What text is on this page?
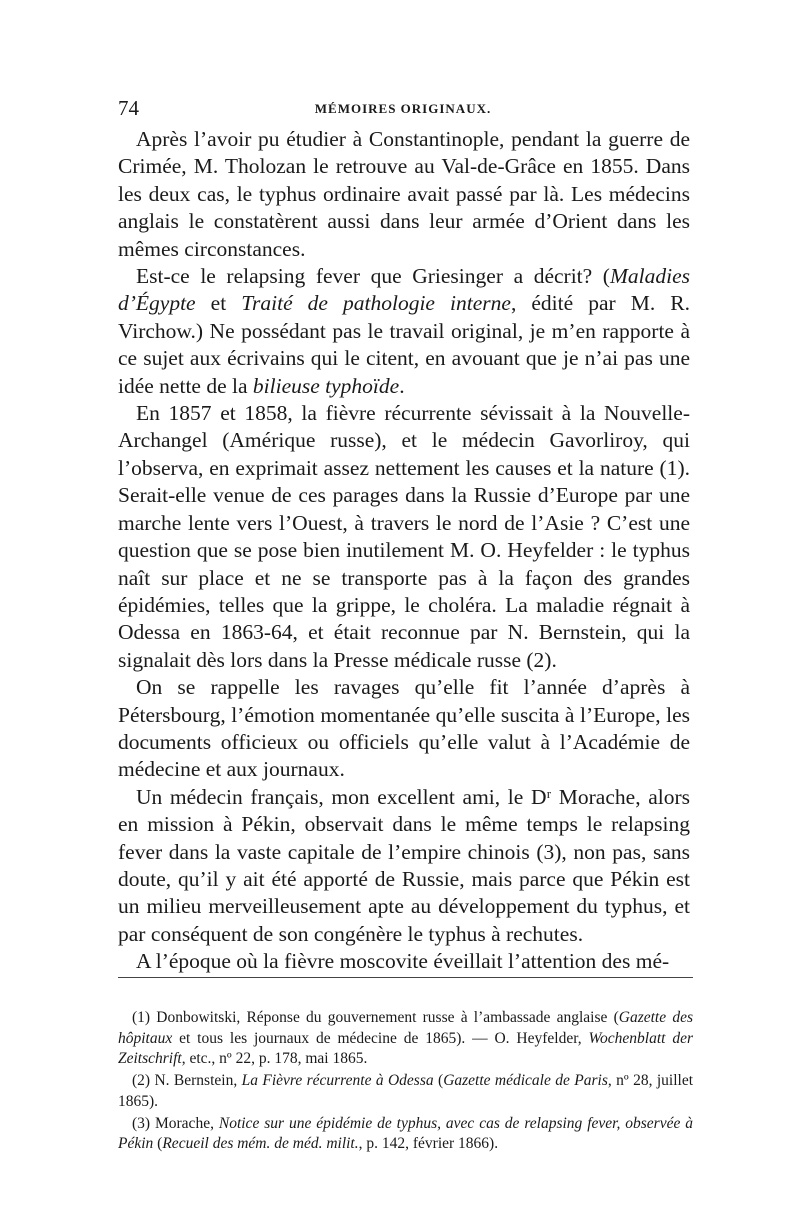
74	MÉMOIRES ORIGINAUX.

Après l’avoir pu étudier à Constantinople, pendant la guerre de Crimée, M. Tholozan le retrouve au Val-de-Grâce en 1855. Dans les deux cas, le typhus ordinaire avait passé par là. Les médecins anglais le constatèrent aussi dans leur armée d’Orient dans les mêmes circonstances.

Est-ce le relapsing fever que Griesinger a décrit? (Maladies d’Égypte et Traité de pathologie interne, édité par M. R. Virchow.) Ne possédant pas le travail original, je m’en rapporte à ce sujet aux écrivains qui le citent, en avouant que je n’ai pas une idée nette de la bilieuse typhoïde.

En 1857 et 1858, la fièvre récurrente sévissait à la Nouvelle-Archangel (Amérique russe), et le médecin Gavorliroy, qui l’observa, en exprimait assez nettement les causes et la nature (1). Serait-elle venue de ces parages dans la Russie d’Europe par une marche lente vers l’Ouest, à travers le nord de l’Asie ? C’est une question que se pose bien inutilement M. O. Heyfelder : le typhus naît sur place et ne se transporte pas à la façon des grandes épidémies, telles que la grippe, le choléra. La maladie régnait à Odessa en 1863-64, et était reconnue par N. Bernstein, qui la signalait dès lors dans la Presse médicale russe (2).

On se rappelle les ravages qu’elle fit l’année d’après à Pétersbourg, l’émotion momentanée qu’elle suscita à l’Europe, les documents officieux ou officiels qu’elle valut à l’Académie de médecine et aux journaux.

Un médecin français, mon excellent ami, le Dʳ Morache, alors en mission à Pékin, observait dans le même temps le relapsing fever dans la vaste capitale de l’empire chinois (3), non pas, sans doute, qu’il y ait été apporté de Russie, mais parce que Pékin est un milieu merveilleusement apte au développement du typhus, et par conséquent de son congénère le typhus à rechutes.

A l’époque où la fièvre moscovite éveillait l’attention des mé-

(1) Donbowitski, Réponse du gouvernement russe à l’ambassade anglaise (Gazette des hôpitaux et tous les journaux de médecine de 1865). — O. Heyfelder, Wochenblatt der Zeitschrift, etc., nº 22, p. 178, mai 1865.

(2) N. Bernstein, La Fièvre récurrente à Odessa (Gazette médicale de Paris, nº 28, juillet 1865).

(3) Morache, Notice sur une épidémie de typhus, avec cas de relapsing fever, observée à Pékin (Recueil des mém. de méd. milit., p. 142, février 1866).
